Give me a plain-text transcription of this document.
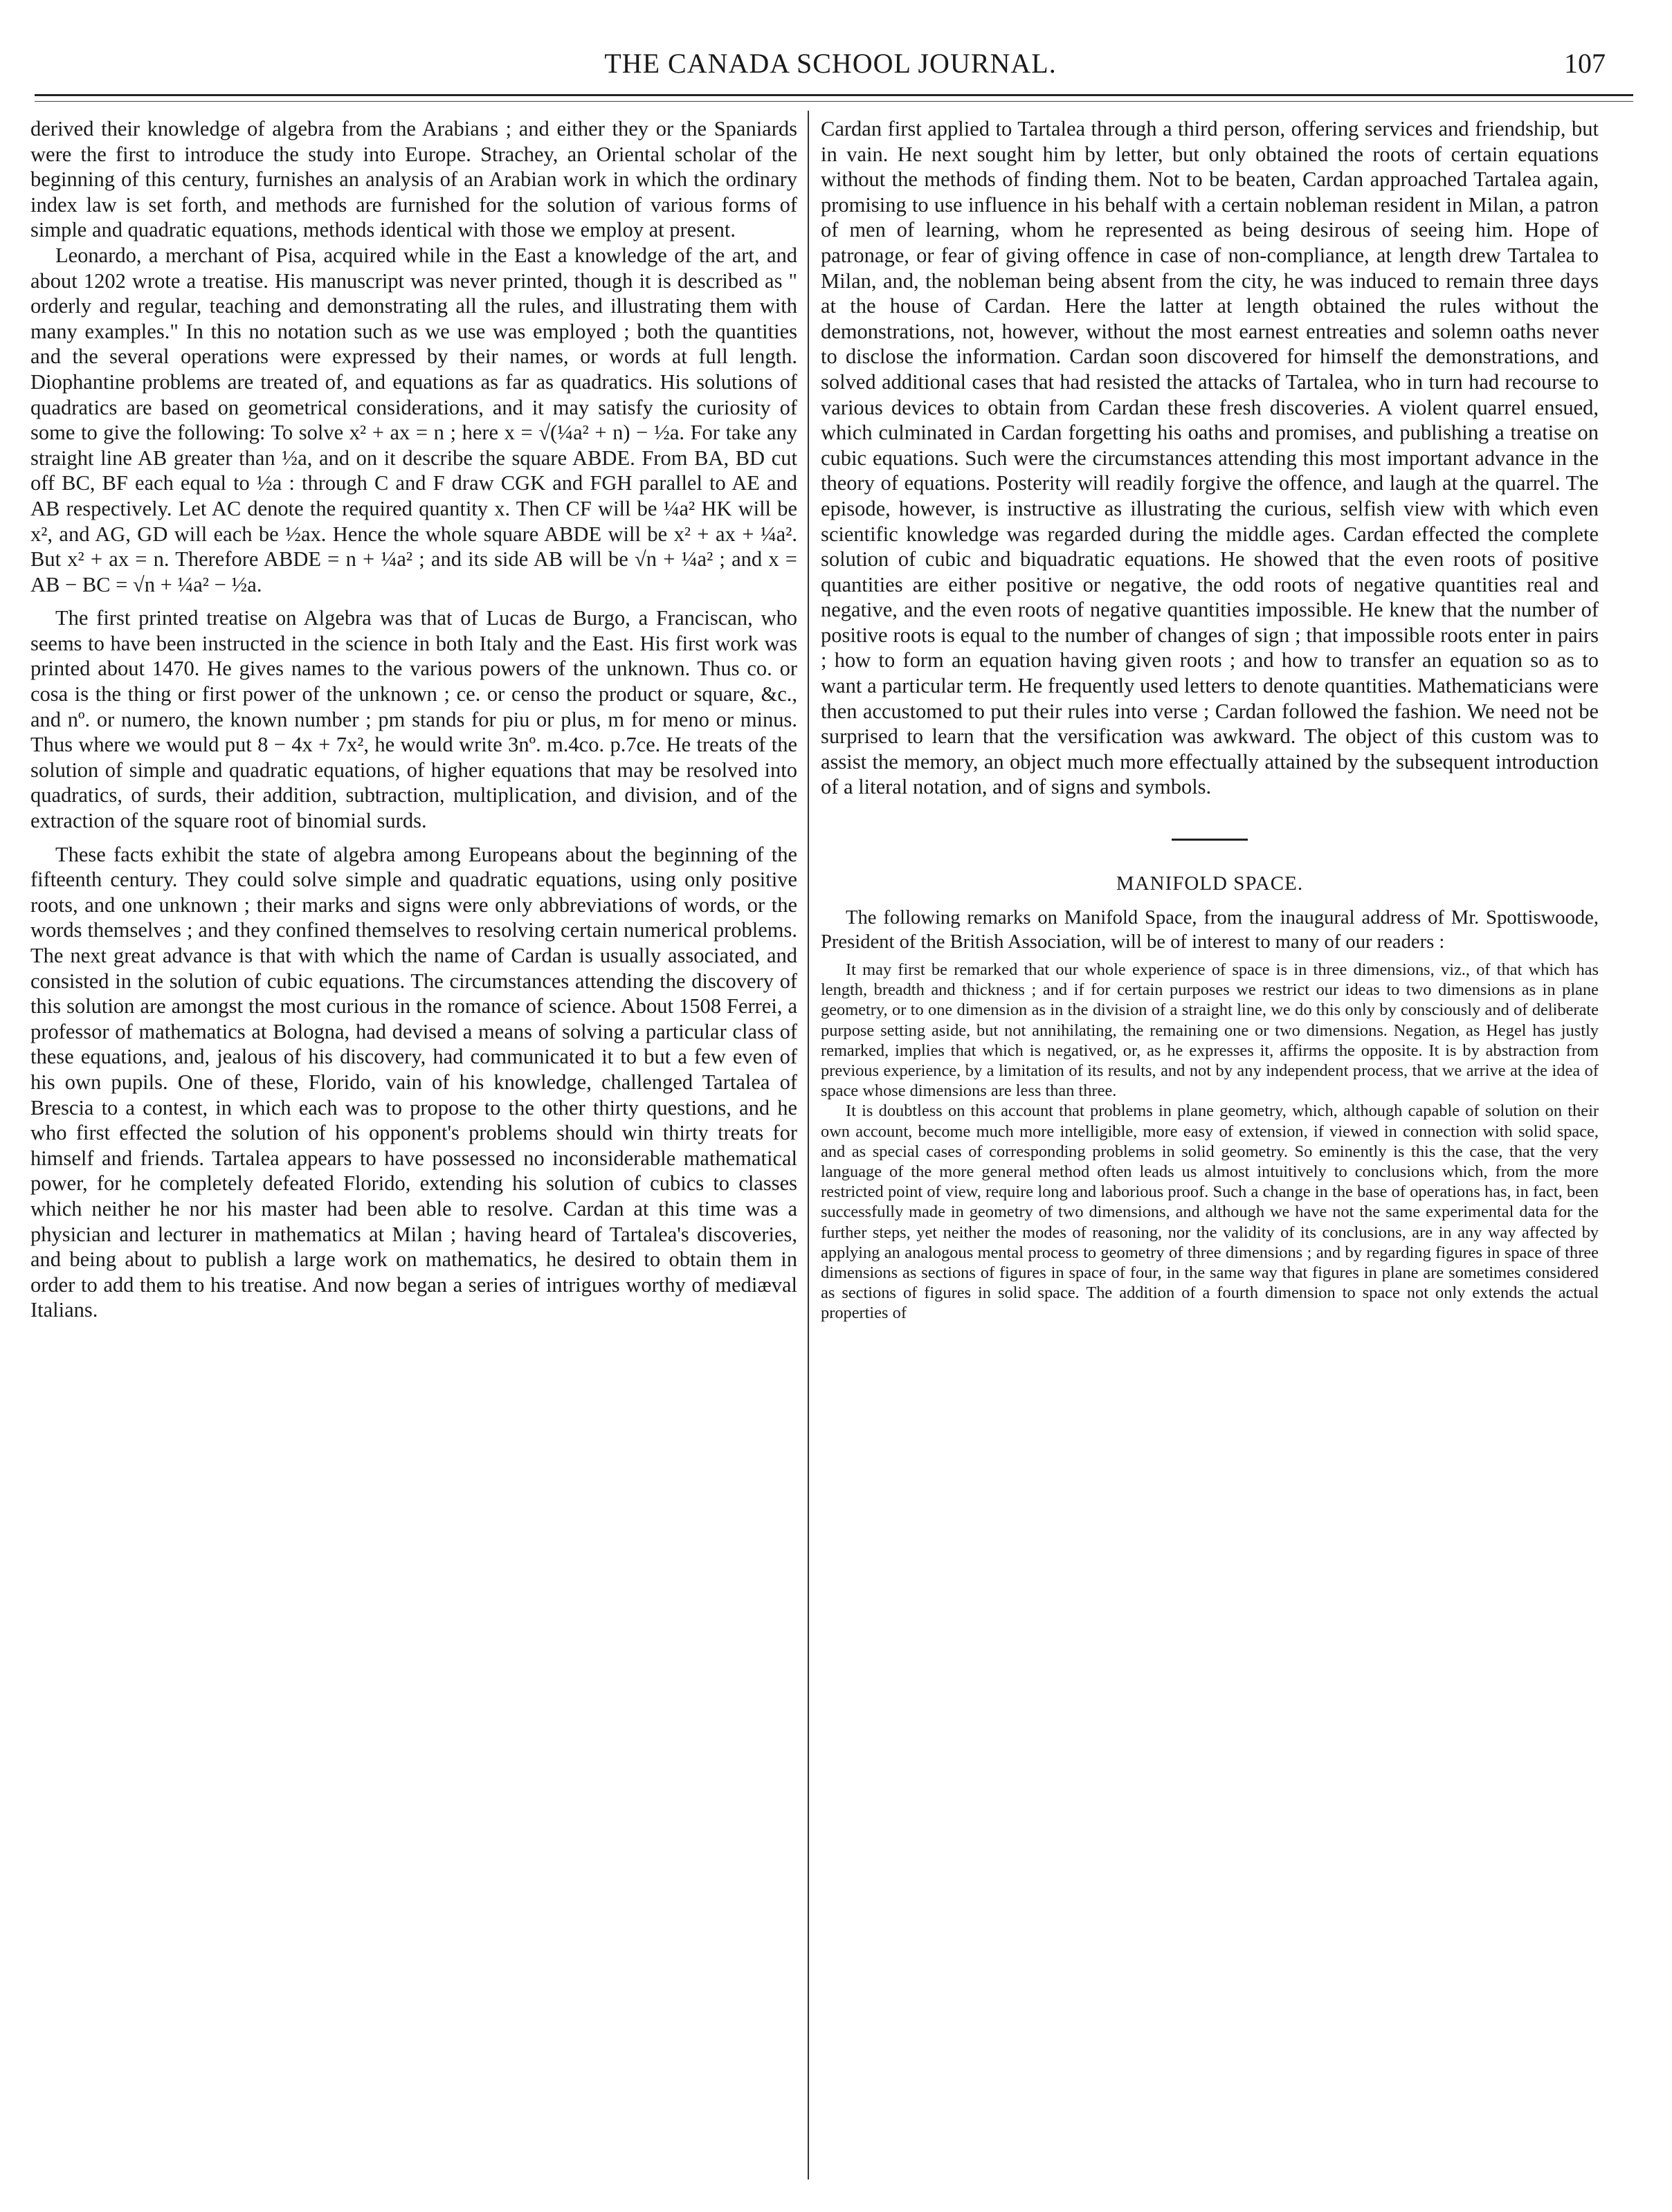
THE CANADA SCHOOL JOURNAL.	107

derived their knowledge of algebra from the Arabians ; and either they or the Spaniards were the first to introduce the study into Europe. Strachey, an Oriental scholar of the beginning of this century, furnishes an analysis of an Arabian work in which the ordinary index law is set forth, and methods are furnished for the solution of various forms of simple and quadratic equations, methods identical with those we employ at present.

Leonardo, a merchant of Pisa, acquired while in the East a knowledge of the art, and about 1202 wrote a treatise. His manuscript was never printed, though it is described as " orderly and regular, teaching and demonstrating all the rules, and illustrating them with many examples." In this no notation such as we use was employed ; both the quantities and the several operations were expressed by their names, or words at full length. Diophantine problems are treated of, and equations as far as quadratics. His solutions of quadratics are based on geometrical considerations, and it may satisfy the curiosity of some to give the following: To solve x² + ax = n ; here x = √(¼a² + n) − ½a. For take any straight line AB greater than ½a, and on it describe the square ABDE. From BA, BD cut off BC, BF each equal to ½a : through C and F draw CGK and FGH parallel to AE and AB respectively. Let AC denote the required quantity x. Then CF will be ¼a² HK will be x², and AG, GD will each be ½ax. Hence the whole square ABDE will be x² + ax + ¼a². But x² + ax = n. Therefore ABDE = n + ¼a² ; and its side AB will be √n + ¼a² ; and x = AB − BC = √n + ¼a² − ½a.

The first printed treatise on Algebra was that of Lucas de Burgo, a Franciscan, who seems to have been instructed in the science in both Italy and the East. His first work was printed about 1470. He gives names to the various powers of the unknown. Thus co. or cosa is the thing or first power of the unknown ; ce. or censo the product or square, &c., and nº. or numero, the known number ; pm stands for piu or plus, m for meno or minus. Thus where we would put 8 − 4x + 7x², he would write 3nº. m.4co. p.7ce. He treats of the solution of simple and quadratic equations, of higher equations that may be resolved into quadratics, of surds, their addition, subtraction, multiplication, and division, and of the extraction of the square root of binomial surds.

These facts exhibit the state of algebra among Europeans about the beginning of the fifteenth century. They could solve simple and quadratic equations, using only positive roots, and one unknown ; their marks and signs were only abbreviations of words, or the words themselves ; and they confined themselves to resolving certain numerical problems. The next great advance is that with which the name of Cardan is usually associated, and consisted in the solution of cubic equations. The circumstances attending the discovery of this solution are amongst the most curious in the romance of science. About 1508 Ferrei, a professor of mathematics at Bologna, had devised a means of solving a particular class of these equations, and, jealous of his discovery, had communicated it to but a few even of his own pupils. One of these, Florido, vain of his knowledge, challenged Tartalea of Brescia to a contest, in which each was to propose to the other thirty questions, and he who first effected the solution of his opponent's problems should win thirty treats for himself and friends. Tartalea appears to have possessed no inconsiderable mathematical power, for he completely defeated Florido, extending his solution of cubics to classes which neither he nor his master had been able to resolve. Cardan at this time was a physician and lecturer in mathematics at Milan ; having heard of Tartalea's discoveries, and being about to publish a large work on mathematics, he desired to obtain them in order to add them to his treatise. And now began a series of intrigues worthy of mediæval Italians.

Cardan first applied to Tartalea through a third person, offering services and friendship, but in vain. He next sought him by letter, but only obtained the roots of certain equations without the methods of finding them. Not to be beaten, Cardan approached Tartalea again, promising to use influence in his behalf with a certain nobleman resident in Milan, a patron of men of learning, whom he represented as being desirous of seeing him. Hope of patronage, or fear of giving offence in case of non-compliance, at length drew Tartalea to Milan, and, the nobleman being absent from the city, he was induced to remain three days at the house of Cardan. Here the latter at length obtained the rules without the demonstrations, not, however, without the most earnest entreaties and solemn oaths never to disclose the information. Cardan soon discovered for himself the demonstrations, and solved additional cases that had resisted the attacks of Tartalea, who in turn had recourse to various devices to obtain from Cardan these fresh discoveries. A violent quarrel ensued, which culminated in Cardan forgetting his oaths and promises, and publishing a treatise on cubic equations. Such were the circumstances attending this most important advance in the theory of equations. Posterity will readily forgive the offence, and laugh at the quarrel. The episode, however, is instructive as illustrating the curious, selfish view with which even scientific knowledge was regarded during the middle ages. Cardan effected the complete solution of cubic and biquadratic equations. He showed that the even roots of positive quantities are either positive or negative, the odd roots of negative quantities real and negative, and the even roots of negative quantities impossible. He knew that the number of positive roots is equal to the number of changes of sign ; that impossible roots enter in pairs ; how to form an equation having given roots ; and how to transfer an equation so as to want a particular term. He frequently used letters to denote quantities. Mathematicians were then accustomed to put their rules into verse ; Cardan followed the fashion. We need not be surprised to learn that the versification was awkward. The object of this custom was to assist the memory, an object much more effectually attained by the subsequent introduction of a literal notation, and of signs and symbols.

MANIFOLD SPACE.

The following remarks on Manifold Space, from the inaugural address of Mr. Spottiswoode, President of the British Association, will be of interest to many of our readers :

It may first be remarked that our whole experience of space is in three dimensions, viz., of that which has length, breadth and thickness ; and if for certain purposes we restrict our ideas to two dimensions as in plane geometry, or to one dimension as in the division of a straight line, we do this only by consciously and of deliberate purpose setting aside, but not annihilating, the remaining one or two dimensions. Negation, as Hegel has justly remarked, implies that which is negatived, or, as he expresses it, affirms the opposite. It is by abstraction from previous experience, by a limitation of its results, and not by any independent process, that we arrive at the idea of space whose dimensions are less than three.

It is doubtless on this account that problems in plane geometry, which, although capable of solution on their own account, become much more intelligible, more easy of extension, if viewed in connection with solid space, and as special cases of corresponding problems in solid geometry. So eminently is this the case, that the very language of the more general method often leads us almost intuitively to conclusions which, from the more restricted point of view, require long and laborious proof. Such a change in the base of operations has, in fact, been successfully made in geometry of two dimensions, and although we have not the same experimental data for the further steps, yet neither the modes of reasoning, nor the validity of its conclusions, are in any way affected by applying an analogous mental process to geometry of three dimensions ; and by regarding figures in space of three dimensions as sections of figures in space of four, in the same way that figures in plane are sometimes considered as sections of figures in solid space. The addition of a fourth dimension to space not only extends the actual properties of
